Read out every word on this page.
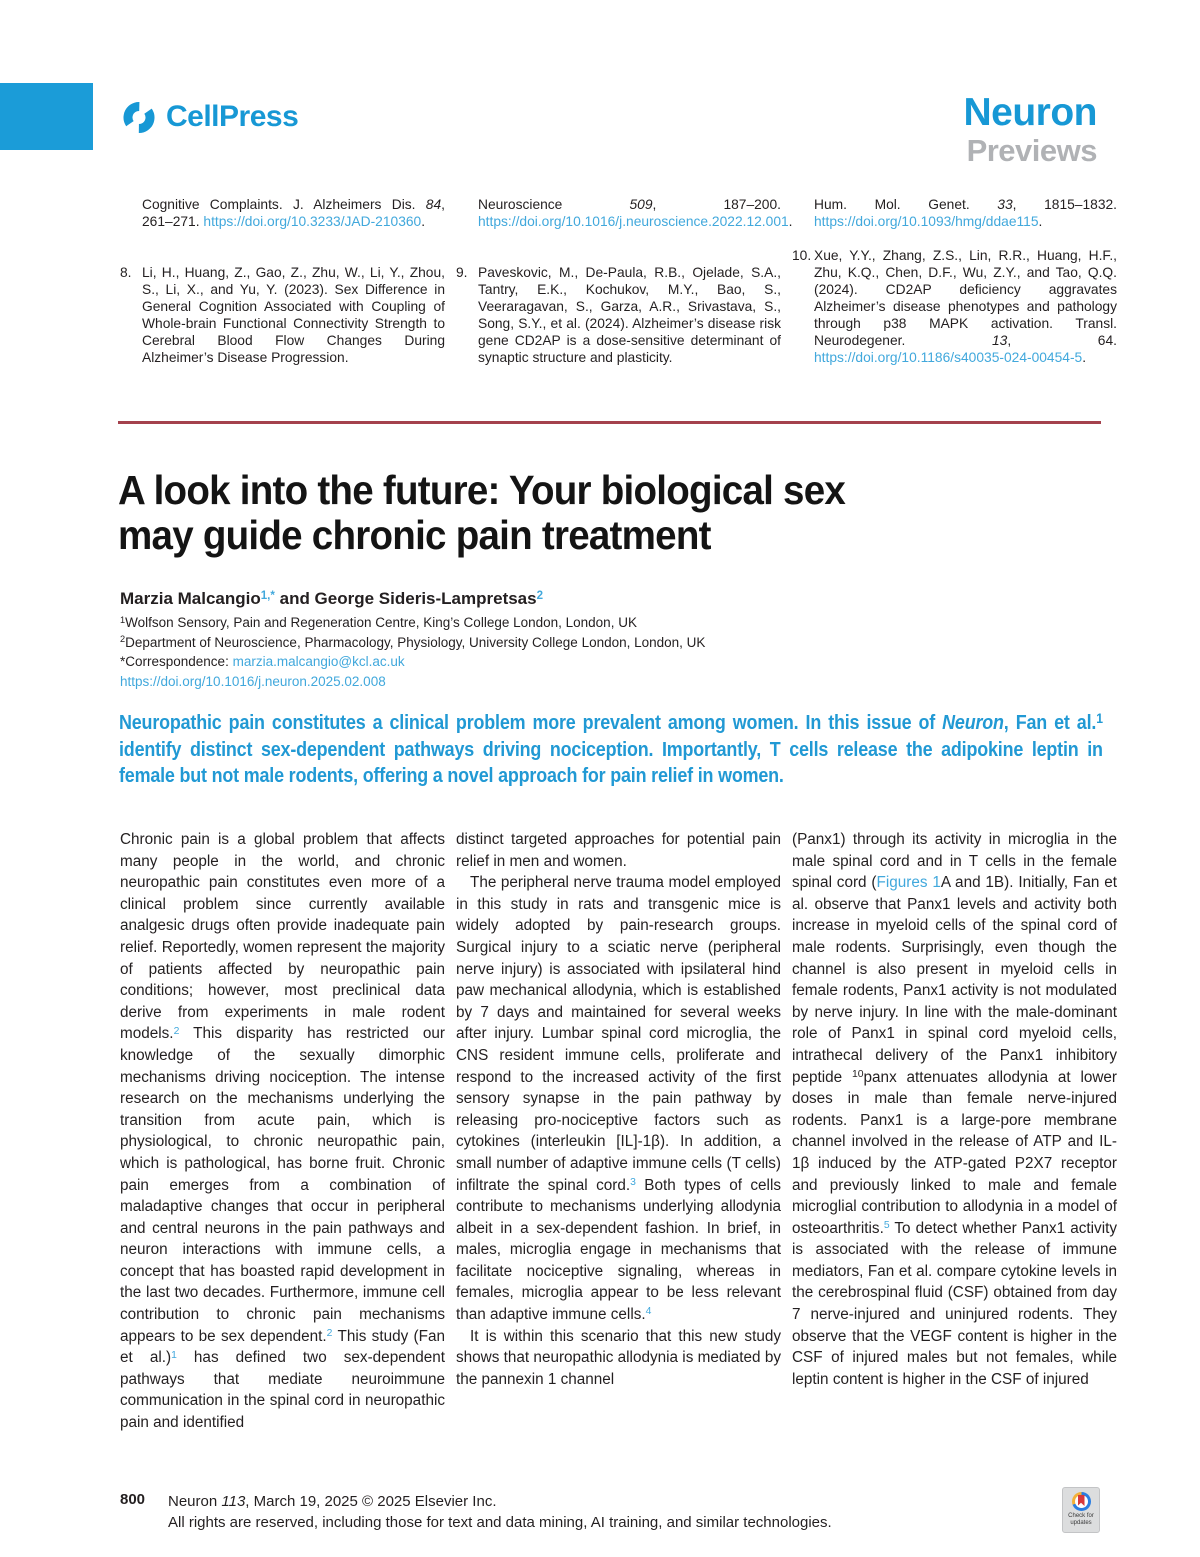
CellPress	Neuron
Previews

Cognitive Complaints. J. Alzheimers Dis. 84, 261–271. https://doi.org/10.3233/JAD-210360.

8. Li, H., Huang, Z., Gao, Z., Zhu, W., Li, Y., Zhou, S., Li, X., and Yu, Y. (2023). Sex Difference in General Cognition Associated with Coupling of Whole-brain Functional Connectivity Strength to Cerebral Blood Flow Changes During Alzheimer’s Disease Progression.

Neuroscience 509, 187–200. https://doi.org/10.1016/j.neuroscience.2022.12.001.

9. Paveskovic, M., De-Paula, R.B., Ojelade, S.A., Tantry, E.K., Kochukov, M.Y., Bao, S., Veeraragavan, S., Garza, A.R., Srivastava, S., Song, S.Y., et al. (2024). Alzheimer’s disease risk gene CD2AP is a dose-sensitive determinant of synaptic structure and plasticity.

Hum. Mol. Genet. 33, 1815–1832. https://doi.org/10.1093/hmg/ddae115.

10. Xue, Y.Y., Zhang, Z.S., Lin, R.R., Huang, H.F., Zhu, K.Q., Chen, D.F., Wu, Z.Y., and Tao, Q.Q. (2024). CD2AP deficiency aggravates Alzheimer’s disease phenotypes and pathology through p38 MAPK activation. Transl. Neurodegener. 13, 64. https://doi.org/10.1186/s40035-024-00454-5.

A look into the future: Your biological sex
may guide chronic pain treatment
Marzia Malcangio$^{1,*}$ and George Sideris-Lampretsas$^2$
$^1$Wolfson Sensory, Pain and Regeneration Centre, King’s College London, London, UK
$^2$Department of Neuroscience, Pharmacology, Physiology, University College London, London, UK
*Correspondence: marzia.malcangio@kcl.ac.uk
https://doi.org/10.1016/j.neuron.2025.02.008
Neuropathic pain constitutes a clinical problem more prevalent among women. In this issue of Neuron, Fan et al.$^1$ identify distinct sex-dependent pathways driving nociception. Importantly, T cells release the adipokine leptin in female but not male rodents, offering a novel approach for pain relief in women.

Chronic pain is a global problem that affects many people in the world, and chronic neuropathic pain constitutes even more of a clinical problem since currently available analgesic drugs often provide inadequate pain relief. Reportedly, women represent the majority of patients affected by neuropathic pain conditions; however, most preclinical data derive from experiments in male rodent models.$^2$ This disparity has restricted our knowledge of the sexually dimorphic mechanisms driving nociception. The intense research on the mechanisms underlying the transition from acute pain, which is physiological, to chronic neuropathic pain, which is pathological, has borne fruit. Chronic pain emerges from a combination of maladaptive changes that occur in peripheral and central neurons in the pain pathways and neuron interactions with immune cells, a concept that has boasted rapid development in the last two decades. Furthermore, immune cell contribution to chronic pain mechanisms appears to be sex dependent.$^2$ This study (Fan et al.)$^1$ has defined two sex-dependent pathways that mediate neuroimmune communication in the spinal cord in neuropathic pain and identified

distinct targeted approaches for potential pain relief in men and women.

The peripheral nerve trauma model employed in this study in rats and transgenic mice is widely adopted by pain-research groups. Surgical injury to a sciatic nerve (peripheral nerve injury) is associated with ipsilateral hind paw mechanical allodynia, which is established by 7 days and maintained for several weeks after injury. Lumbar spinal cord microglia, the CNS resident immune cells, proliferate and respond to the increased activity of the first sensory synapse in the pain pathway by releasing pro-nociceptive factors such as cytokines (interleukin [IL]-1β). In addition, a small number of adaptive immune cells (T cells) infiltrate the spinal cord.$^3$ Both types of cells contribute to mechanisms underlying allodynia albeit in a sex-dependent fashion. In brief, in males, microglia engage in mechanisms that facilitate nociceptive signaling, whereas in females, microglia appear to be less relevant than adaptive immune cells.$^4$

It is within this scenario that this new study shows that neuropathic allodynia is mediated by the pannexin 1 channel

(Panx1) through its activity in microglia in the male spinal cord and in T cells in the female spinal cord (Figures 1A and 1B). Initially, Fan et al. observe that Panx1 levels and activity both increase in myeloid cells of the spinal cord of male rodents. Surprisingly, even though the channel is also present in myeloid cells in female rodents, Panx1 activity is not modulated by nerve injury. In line with the male-dominant role of Panx1 in spinal cord myeloid cells, intrathecal delivery of the Panx1 inhibitory peptide $^{10}$panx attenuates allodynia at lower doses in male than female nerve-injured rodents. Panx1 is a large-pore membrane channel involved in the release of ATP and IL-1β induced by the ATP-gated P2X7 receptor and previously linked to male and female microglial contribution to allodynia in a model of osteoarthritis.$^5$ To detect whether Panx1 activity is associated with the release of immune mediators, Fan et al. compare cytokine levels in the cerebrospinal fluid (CSF) obtained from day 7 nerve-injured and uninjured rodents. They observe that the VEGF content is higher in the CSF of injured males but not females, while leptin content is higher in the CSF of injured

800 Neuron 113, March 19, 2025 © 2025 Elsevier Inc.
All rights are reserved, including those for text and data mining, AI training, and similar technologies.	Check for
updates
